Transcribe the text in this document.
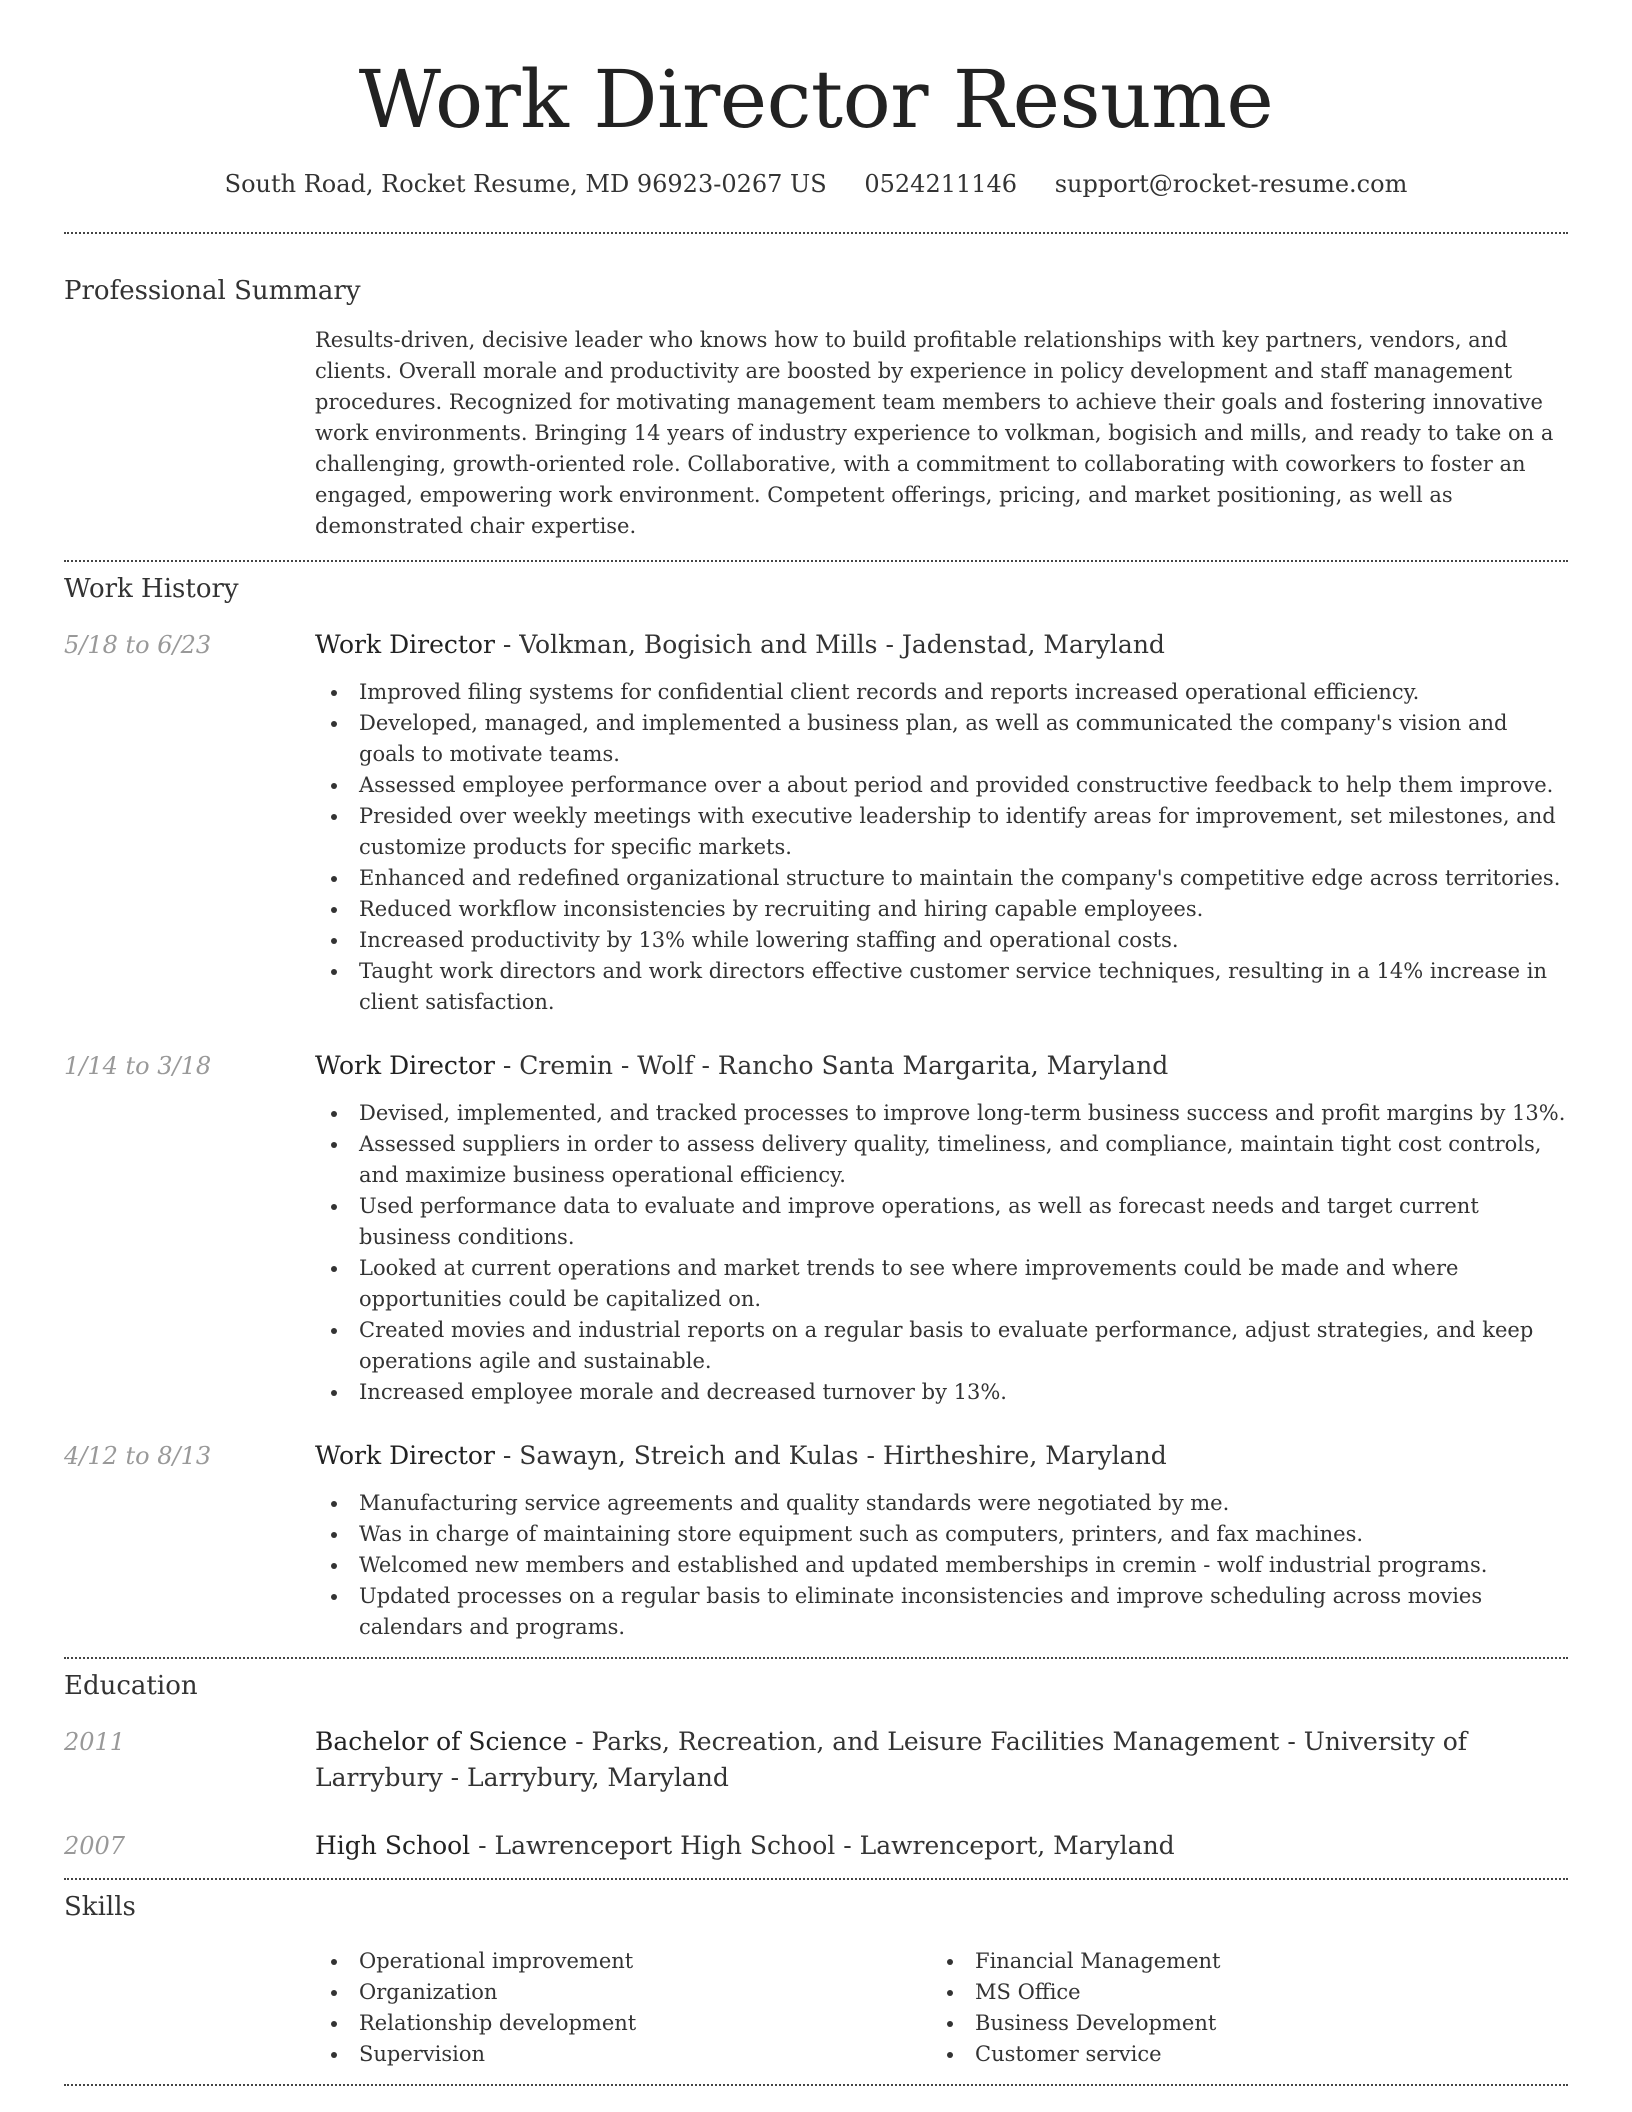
Work Director Resume
South Road, Rocket Resume, MD 96923-0267 US 0524211146 support@rocket-resume.com
Professional Summary
Results-driven, decisive leader who knows how to build profitable relationships with key partners, vendors, and clients. Overall morale and productivity are boosted by experience in policy development and staff management procedures. Recognized for motivating management team members to achieve their goals and fostering innovative work environments. Bringing 14 years of industry experience to volkman, bogisich and mills, and ready to take on a challenging, growth-oriented role. Collaborative, with a commitment to collaborating with coworkers to foster an engaged, empowering work environment. Competent offerings, pricing, and market positioning, as well as demonstrated chair expertise.
Work History
5/18 to 6/23	Work Director - Volkman, Bogisich and Mills - Jadenstad, Maryland
Improved filing systems for confidential client records and reports increased operational efficiency.
Developed, managed, and implemented a business plan, as well as communicated the company's vision and goals to motivate teams.
Assessed employee performance over a about period and provided constructive feedback to help them improve.
Presided over weekly meetings with executive leadership to identify areas for improvement, set milestones, and customize products for specific markets.
Enhanced and redefined organizational structure to maintain the company's competitive edge across territories.
Reduced workflow inconsistencies by recruiting and hiring capable employees.
Increased productivity by 13% while lowering staffing and operational costs.
Taught work directors and work directors effective customer service techniques, resulting in a 14% increase in client satisfaction.
1/14 to 3/18	Work Director - Cremin - Wolf - Rancho Santa Margarita, Maryland
Devised, implemented, and tracked processes to improve long-term business success and profit margins by 13%.
Assessed suppliers in order to assess delivery quality, timeliness, and compliance, maintain tight cost controls, and maximize business operational efficiency.
Used performance data to evaluate and improve operations, as well as forecast needs and target current business conditions.
Looked at current operations and market trends to see where improvements could be made and where opportunities could be capitalized on.
Created movies and industrial reports on a regular basis to evaluate performance, adjust strategies, and keep operations agile and sustainable.
Increased employee morale and decreased turnover by 13%.
4/12 to 8/13	Work Director - Sawayn, Streich and Kulas - Hirtheshire, Maryland
Manufacturing service agreements and quality standards were negotiated by me.
Was in charge of maintaining store equipment such as computers, printers, and fax machines.
Welcomed new members and established and updated memberships in cremin - wolf industrial programs.
Updated processes on a regular basis to eliminate inconsistencies and improve scheduling across movies calendars and programs.
Education
2011	Bachelor of Science - Parks, Recreation, and Leisure Facilities Management - University of Larrybury - Larrybury, Maryland
2007	High School - Lawrenceport High School - Lawrenceport, Maryland
Skills
Operational improvement
Organization
Relationship development
Supervision
Financial Management
MS Office
Business Development
Customer service
